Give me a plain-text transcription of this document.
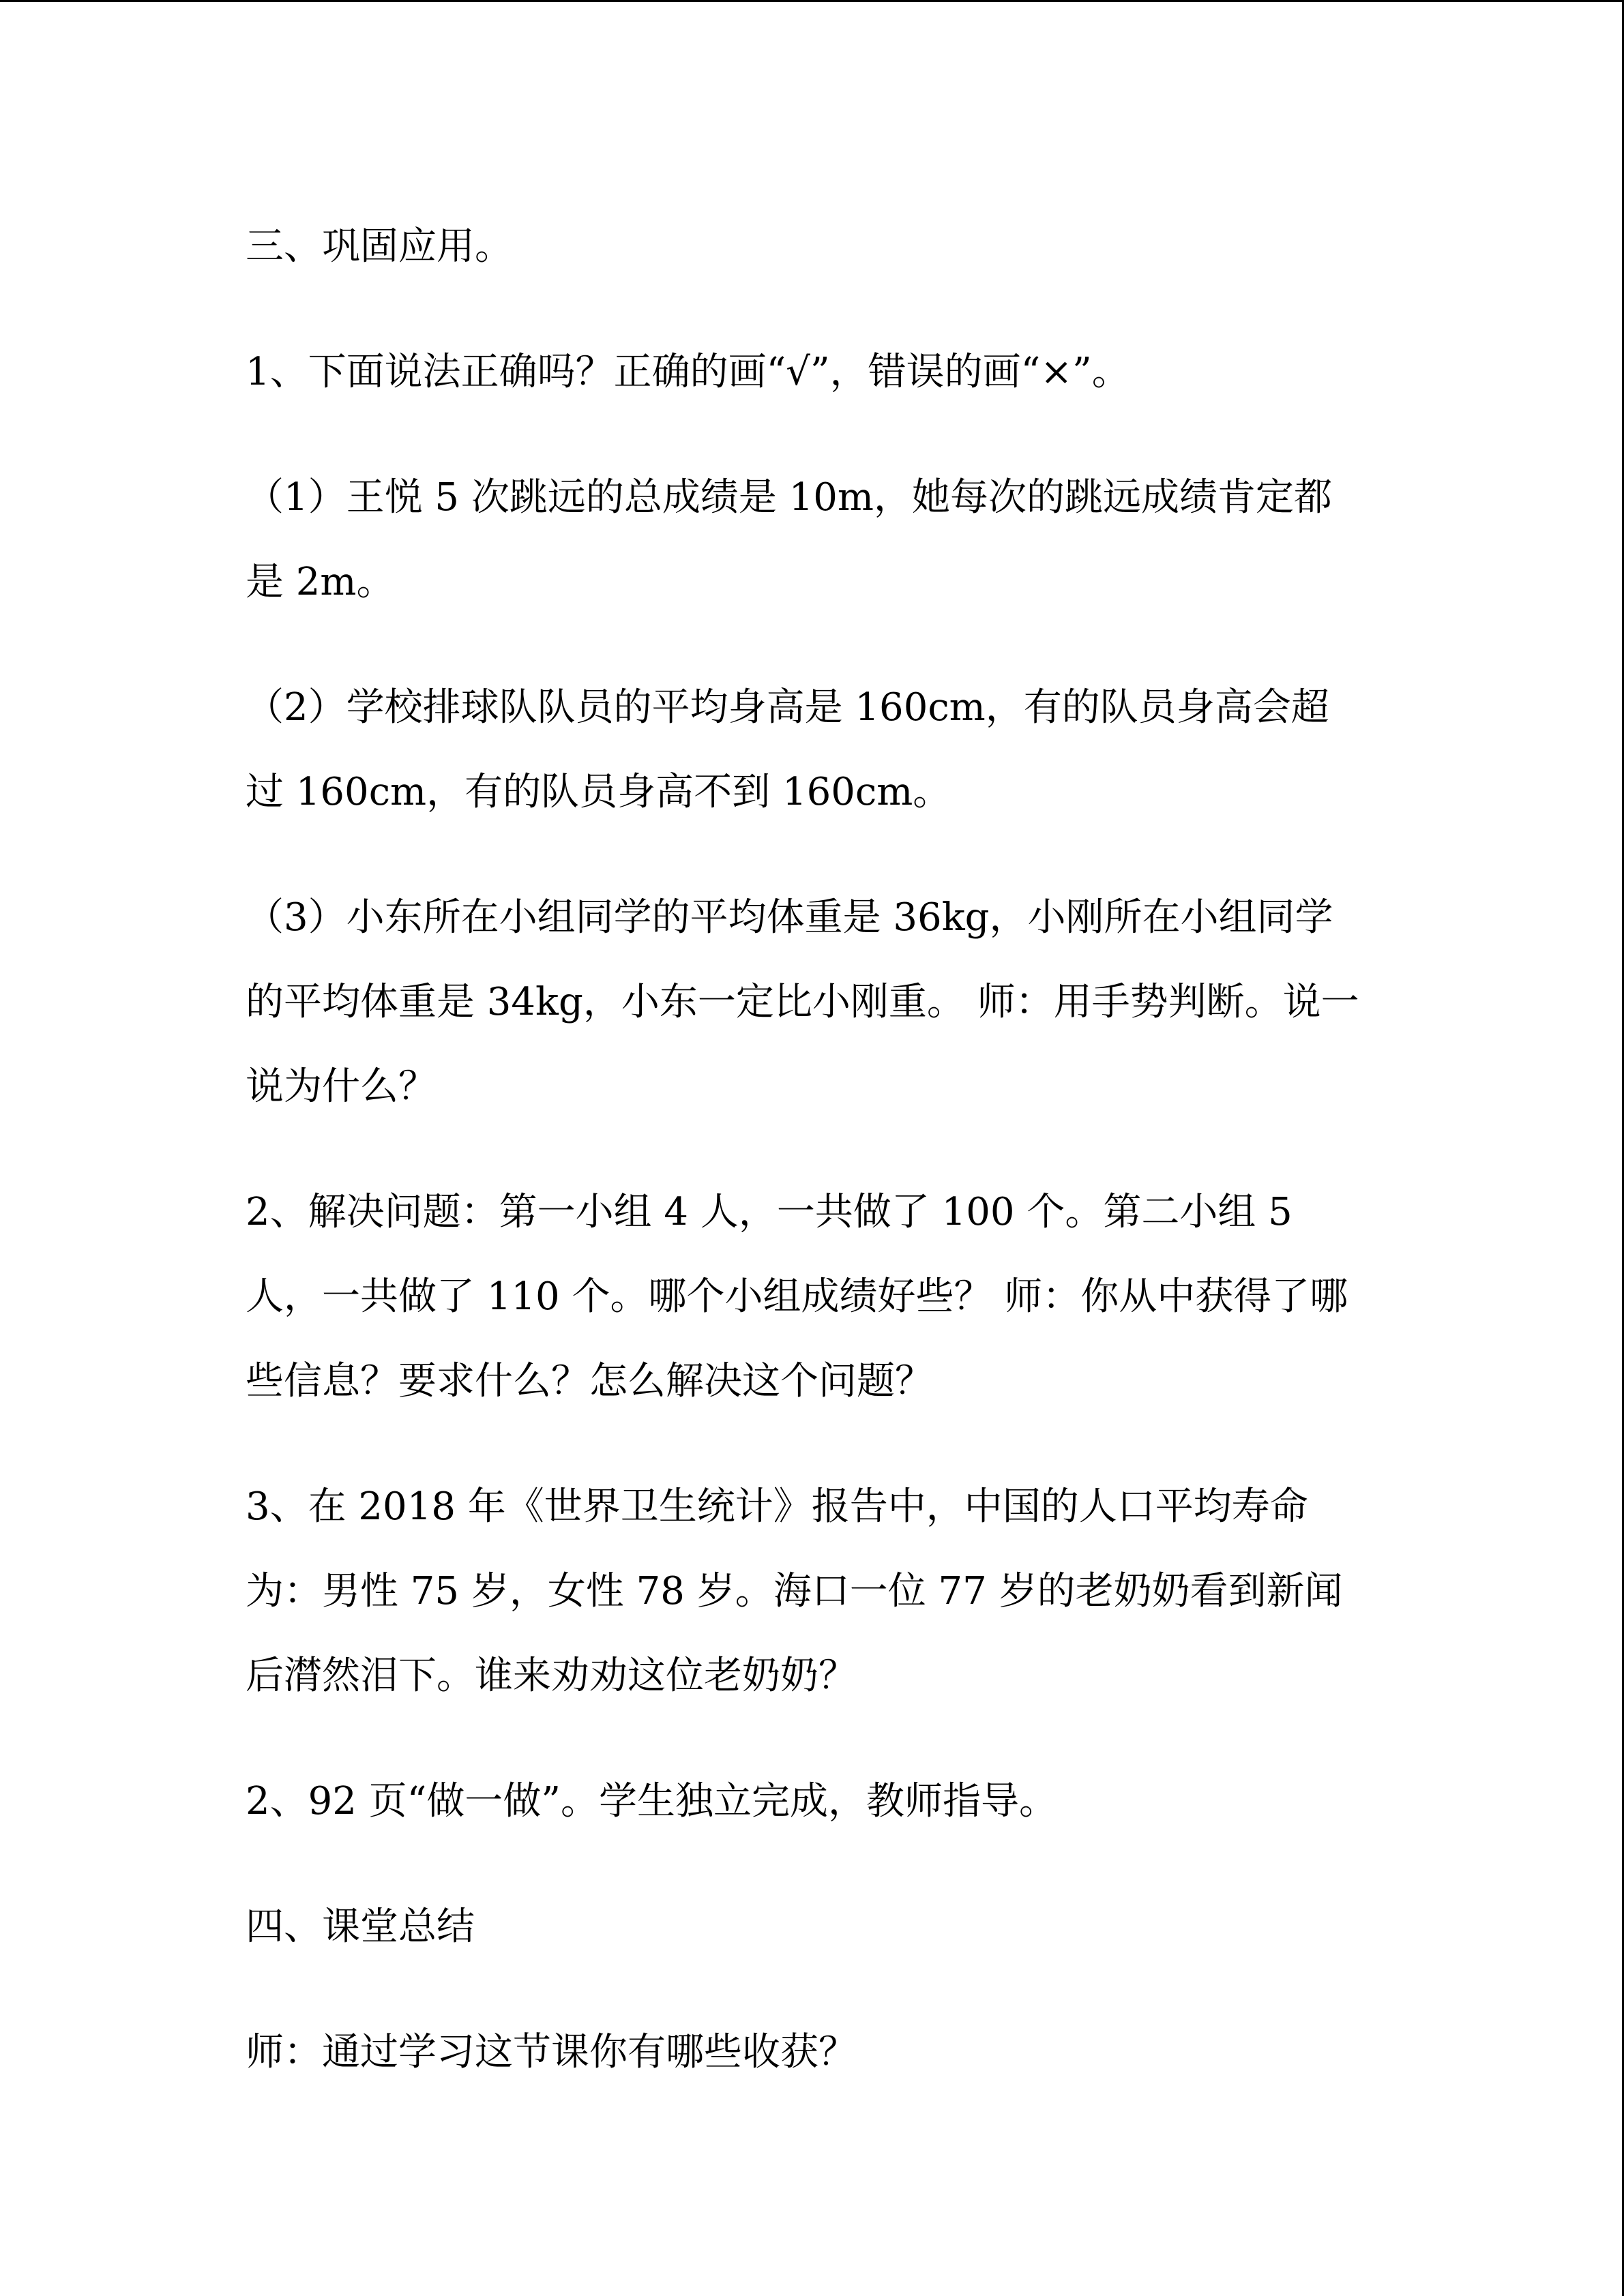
三、巩固应用。

1、下面说法正确吗？正确的画“√”，错误的画“×”。

（1）王悦 5 次跳远的总成绩是 10m，她每次的跳远成绩肯定都是 2m。

（2）学校排球队队员的平均身高是 160cm，有的队员身高会超过 160cm，有的队员身高不到 160cm。

（3）小东所在小组同学的平均体重是 36kg，小刚所在小组同学的平均体重是 34kg，小东一定比小刚重。 师：用手势判断。说一说为什么？

2、解决问题：第一小组 4 人，一共做了 100 个。第二小组 5 人，一共做了 110 个。哪个小组成绩好些？ 师：你从中获得了哪些信息？要求什么？怎么解决这个问题？

3、在 2018 年《世界卫生统计》报告中，中国的人口平均寿命为：男性 75 岁，女性 78 岁。海口一位 77 岁的老奶奶看到新闻后潸然泪下。谁来劝劝这位老奶奶？

2、92 页“做一做”。学生独立完成，教师指导。

四、课堂总结

师：通过学习这节课你有哪些收获？
